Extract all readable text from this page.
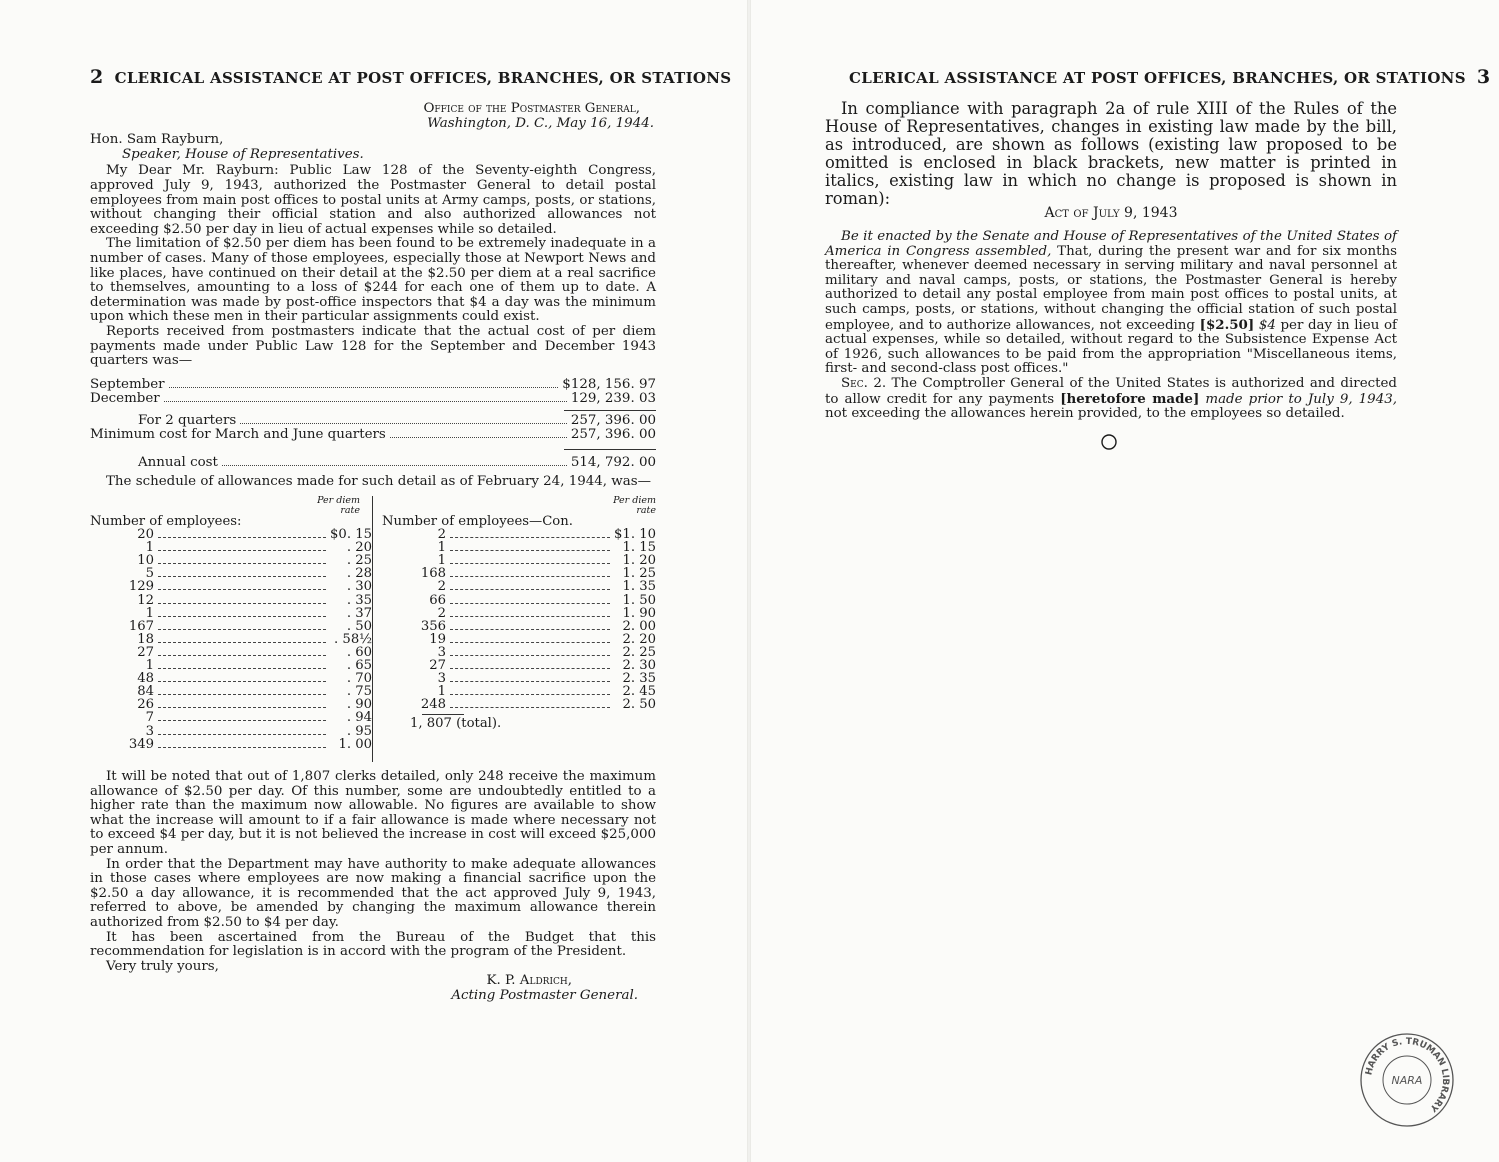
2 CLERICAL ASSISTANCE AT POST OFFICES, BRANCHES, OR STATIONS
Office of the Postmaster General,
Washington, D. C., May 16, 1944.
Hon. Sam Rayburn,
Speaker, House of Representatives.

My Dear Mr. Rayburn: Public Law 128 of the Seventy-eighth Congress, approved July 9, 1943, authorized the Postmaster General to detail postal employees from main post offices to postal units at Army camps, posts, or stations, without changing their official station and also authorized allowances not exceeding $2.50 per day in lieu of actual expenses while so detailed.

The limitation of $2.50 per diem has been found to be extremely inadequate in a number of cases. Many of those employees, especially those at Newport News and like places, have continued on their detail at the $2.50 per diem at a real sacrifice to themselves, amounting to a loss of $244 for each one of them up to date. A determination was made by post-office inspectors that $4 a day was the minimum upon which these men in their particular assignments could exist.

Reports received from postmasters indicate that the actual cost of per diem payments made under Public Law 128 for the September and December 1943 quarters was—

September	$128, 156. 97
December	129, 239. 03
For 2 quarters	257, 396. 00
Minimum cost for March and June quarters	257, 396. 00
Annual cost	514, 792. 00

The schedule of allowances made for such detail as of February 24, 1944, was—

Per diem
rate
Number of employees:
20	$0. 15
1	. 20
10	. 25
5	. 28
129	. 30
12	. 35
1	. 37
167	. 50
18	. 58½
27	. 60
1	. 65
48	. 70
84	. 75
26	. 90
7	. 94
3	. 95
349	1. 00
Per diem
rate
Number of employees—Con.
2	$1. 10
1	1. 15
1	1. 20
168	1. 25
2	1. 35
66	1. 50
2	1. 90
356	2. 00
19	2. 20
3	2. 25
27	2. 30
3	2. 35
1	2. 45
248	2. 50
1, 807 (total).

It will be noted that out of 1,807 clerks detailed, only 248 receive the maximum allowance of $2.50 per day. Of this number, some are undoubtedly entitled to a higher rate than the maximum now allowable. No figures are available to show what the increase will amount to if a fair allowance is made where necessary not to exceed $4 per day, but it is not believed the increase in cost will exceed $25,000 per annum.

In order that the Department may have authority to make adequate allowances in those cases where employees are now making a financial sacrifice upon the $2.50 a day allowance, it is recommended that the act approved July 9, 1943, referred to above, be amended by changing the maximum allowance therein authorized from $2.50 to $4 per day.

It has been ascertained from the Bureau of the Budget that this recommendation for legislation is in accord with the program of the President.

Very truly yours,

K. P. Aldrich,
Acting Postmaster General.
CLERICAL ASSISTANCE AT POST OFFICES, BRANCHES, OR STATIONS 3

In compliance with paragraph 2a of rule XIII of the Rules of the House of Representatives, changes in existing law made by the bill, as introduced, are shown as follows (existing law proposed to be omitted is enclosed in black brackets, new matter is printed in italics, existing law in which no change is proposed is shown in roman):

Act of July 9, 1943

Be it enacted by the Senate and House of Representatives of the United States of America in Congress assembled, That, during the present war and for six months thereafter, whenever deemed necessary in serving military and naval personnel at military and naval camps, posts, or stations, the Postmaster General is hereby authorized to detail any postal employee from main post offices to postal units, at such camps, posts, or stations, without changing the official station of such postal employee, and to authorize allowances, not exceeding [$2.50] $4 per day in lieu of actual expenses, while so detailed, without regard to the Subsistence Expense Act of 1926, such allowances to be paid from the appropriation "Miscellaneous items, first- and second-class post offices."

Sec. 2. The Comptroller General of the United States is authorized and directed to allow credit for any payments [heretofore made] made prior to July 9, 1943, not exceeding the allowances herein provided, to the employees so detailed.

HARRY S. TRUMAN LIBRARY
NARA
